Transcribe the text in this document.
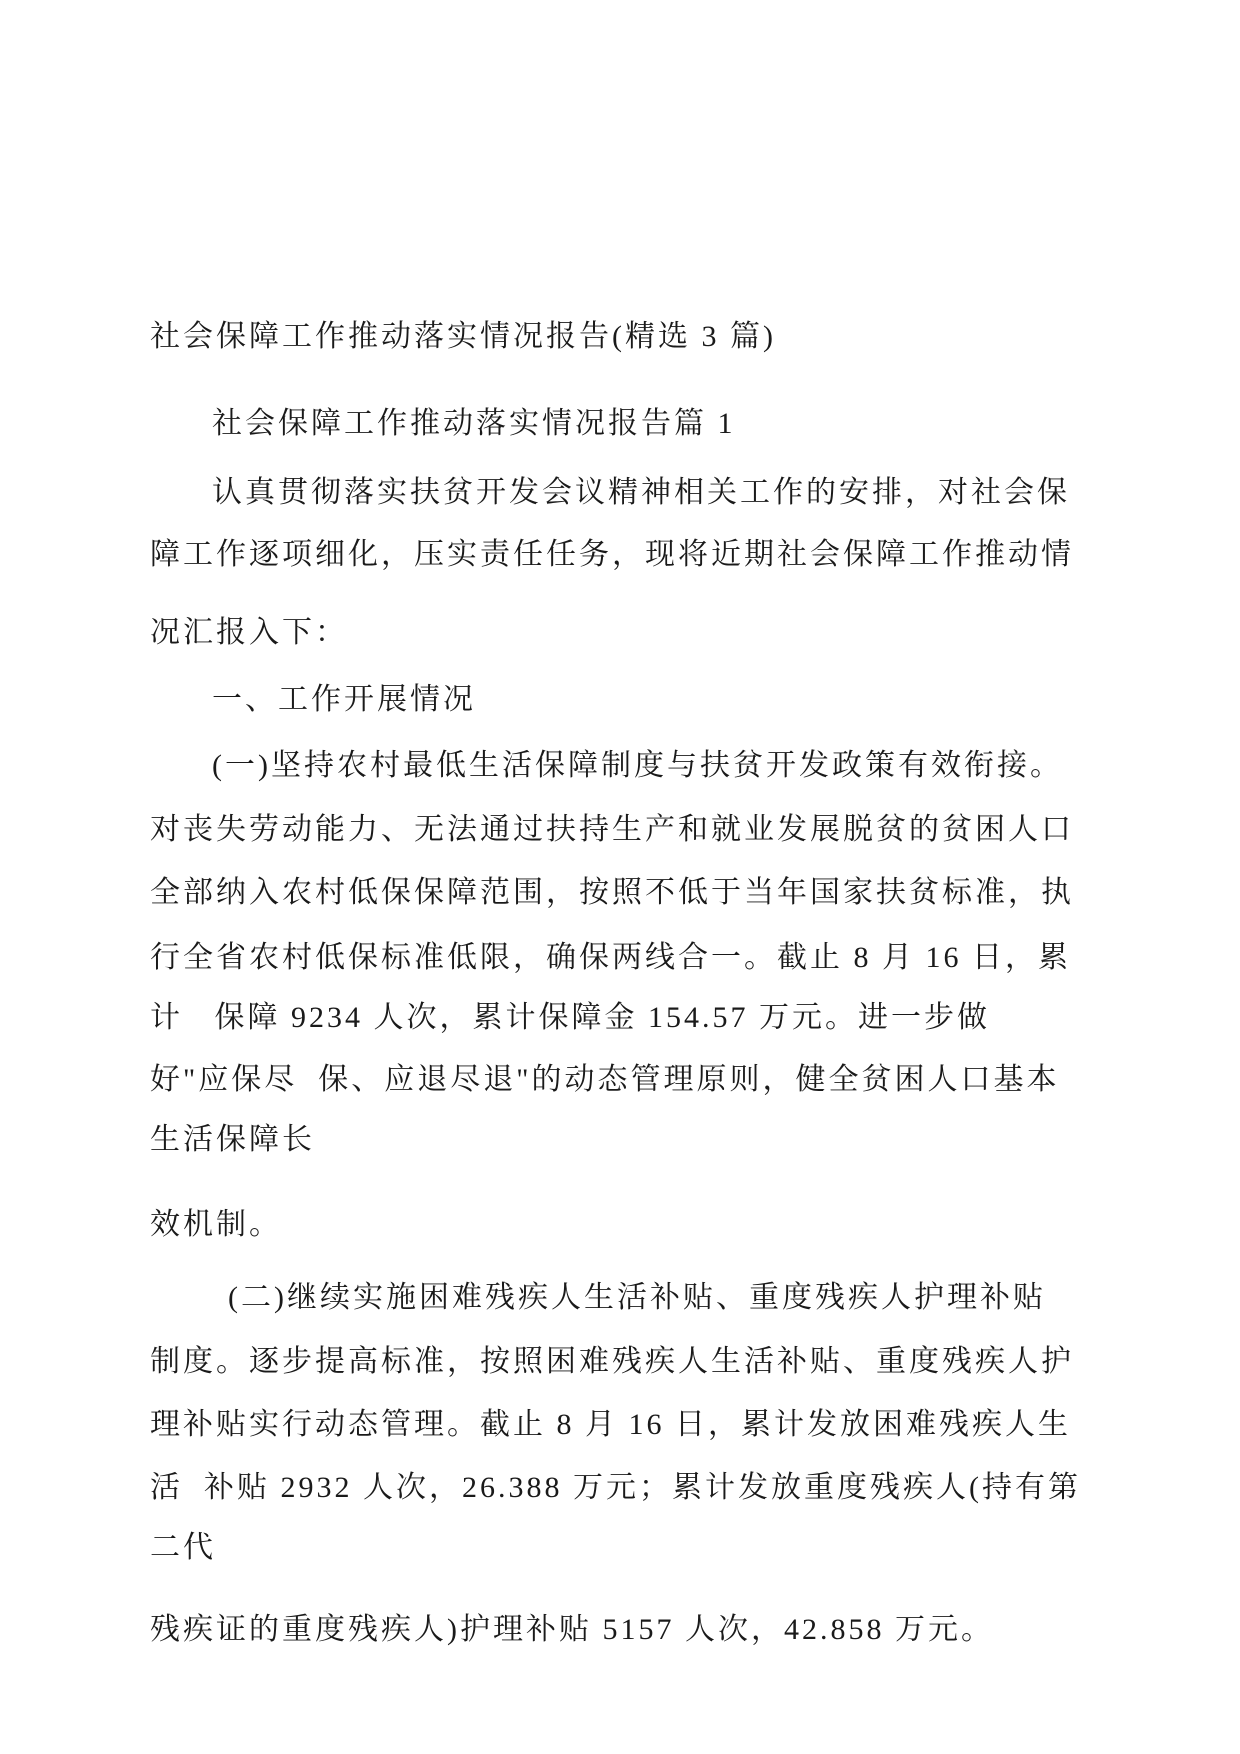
社会保障工作推动落实情况报告(精选 3 篇)
社会保障工作推动落实情况报告篇 1
认真贯彻落实扶贫开发会议精神相关工作的安排，对社会保
障工作逐项细化，压实责任任务，现将近期社会保障工作推动情
况汇报入下：
一、工作开展情况
(一)坚持农村最低生活保障制度与扶贫开发政策有效衔接。
对丧失劳动能力、无法通过扶持生产和就业发展脱贫的贫困人口
全部纳入农村低保保障范围，按照不低于当年国家扶贫标准，执
行全省农村低保标准低限，确保两线合一。截止 8 月 16 日，累
计   保障 9234 人次，累计保障金 154.57 万元。进一步做
好"应保尽  保、应退尽退"的动态管理原则，健全贫困人口基本
生活保障长
效机制。
(二)继续实施困难残疾人生活补贴、重度残疾人护理补贴
制度。逐步提高标准，按照困难残疾人生活补贴、重度残疾人护
理补贴实行动态管理。截止 8 月 16 日，累计发放困难残疾人生
活  补贴 2932 人次，26.388 万元；累计发放重度残疾人(持有第
二代
残疾证的重度残疾人)护理补贴 5157 人次，42.858 万元。
